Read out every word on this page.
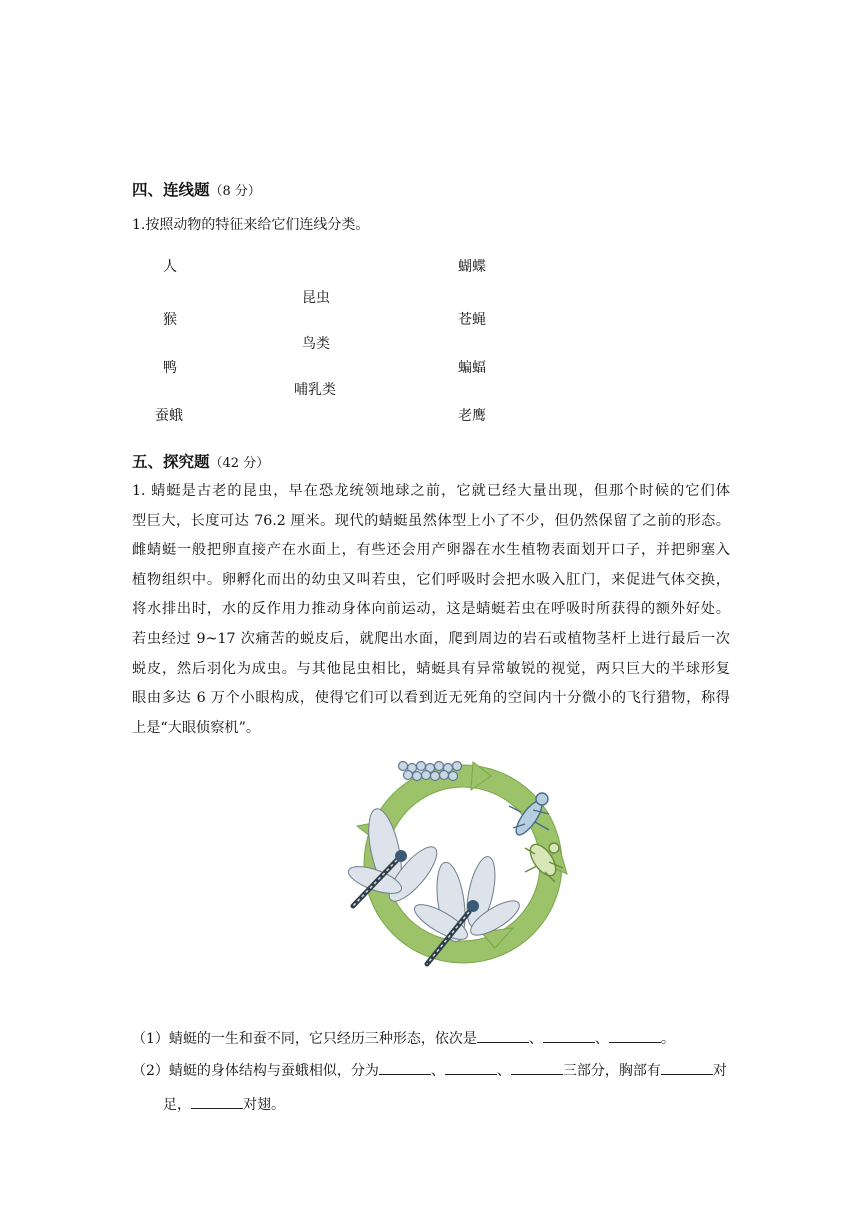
四、连线题（8 分）
1.按照动物的特征来给它们连线分类。
人
猴
鸭
蚕蛾
昆虫
鸟类
哺乳类
蝴蝶
苍蝇
蝙蝠
老鹰
五、探究题（42 分）
1. 蜻蜓是古老的昆虫，早在恐龙统领地球之前，它就已经大量出现，但那个时候的它们体
型巨大，长度可达 76.2 厘米。现代的蜻蜓虽然体型上小了不少，但仍然保留了之前的形态。
雌蜻蜓一般把卵直接产在水面上，有些还会用产卵器在水生植物表面划开口子，并把卵塞入
植物组织中。卵孵化而出的幼虫又叫若虫，它们呼吸时会把水吸入肛门，来促进气体交换，
将水排出时，水的反作用力推动身体向前运动，这是蜻蜓若虫在呼吸时所获得的额外好处。
若虫经过 9~17 次痛苦的蜕皮后，就爬出水面，爬到周边的岩石或植物茎杆上进行最后一次
蜕皮，然后羽化为成虫。与其他昆虫相比，蜻蜓具有异常敏锐的视觉，两只巨大的半球形复
眼由多达 6 万个小眼构成，使得它们可以看到近无死角的空间内十分微小的飞行猎物，称得
上是“大眼侦察机”。
（1）蜻蜓的一生和蚕不同，它只经历三种形态，依次是	、	、	。
（2）蜻蜓的身体结构与蚕蛾相似，分为	、	、	三部分，胸部有	对
足，	对翅。
